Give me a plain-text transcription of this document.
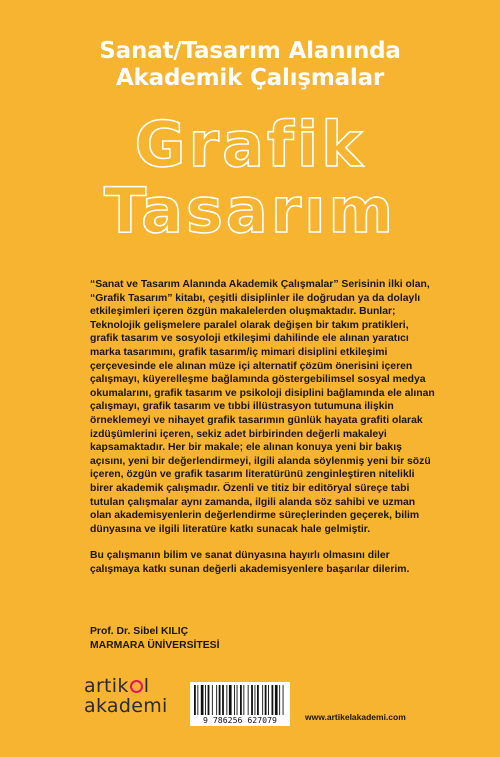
Sanat/Tasarım Alanında
Akademik Çalışmalar
Grafik
Tasarım

“Sanat ve Tasarım Alanında Akademik Çalışmalar” Serisinin ilki olan, “Grafik Tasarım” kitabı, çeşitli disiplinler ile doğrudan ya da dolaylı etkileşimleri içeren özgün makalelerden oluşmaktadır. Bunlar; Teknolojik gelişmelere paralel olarak değişen bir takım pratikleri, grafik tasarım ve sosyoloji etkileşimi dahilinde ele alınan yaratıcı marka tasarımını, grafik tasarım/iç mimari disiplini etkileşimi çerçevesinde ele alınan müze içi alternatif çözüm önerisini içeren çalışmayı, küyerelleşme bağlamında göstergebilimsel sosyal medya okumalarını, grafik tasarım ve psikoloji disiplini bağlamında ele alınan çalışmayı, grafik tasarım ve tıbbi illüstrasyon tutumuna ilişkin örneklemeyi ve nihayet grafik tasarımın günlük hayata grafiti olarak izdüşümlerini içeren, sekiz adet birbirinden değerli makaleyi kapsamaktadır. Her bir makale; ele alınan konuya yeni bir bakış açısını, yeni bir değerlendirmeyi, ilgili alanda söylenmiş yeni bir sözü içeren, özgün ve grafik tasarım literatürünü zenginleştiren nitelikli birer akademik çalışmadır. Özenli ve titiz bir editöryal süreçe tabi tutulan çalışmalar aynı zamanda, ilgili alanda söz sahibi ve uzman olan akademisyenlerin değerlendirme süreçlerinden geçerek, bilim dünyasına ve ilgili literatüre katkı sunacak hale gelmiştir.

Bu çalışmanın bilim ve sanat dünyasına hayırlı olmasını diler çalışmaya katkı sunan değerli akademisyenlere başarılar dilerim.

Prof. Dr. Sibel KILIÇ
MARMARA ÜNİVERSİTESİ
artik l
akademi
9 786256 627079	www.artikelakademi.com
